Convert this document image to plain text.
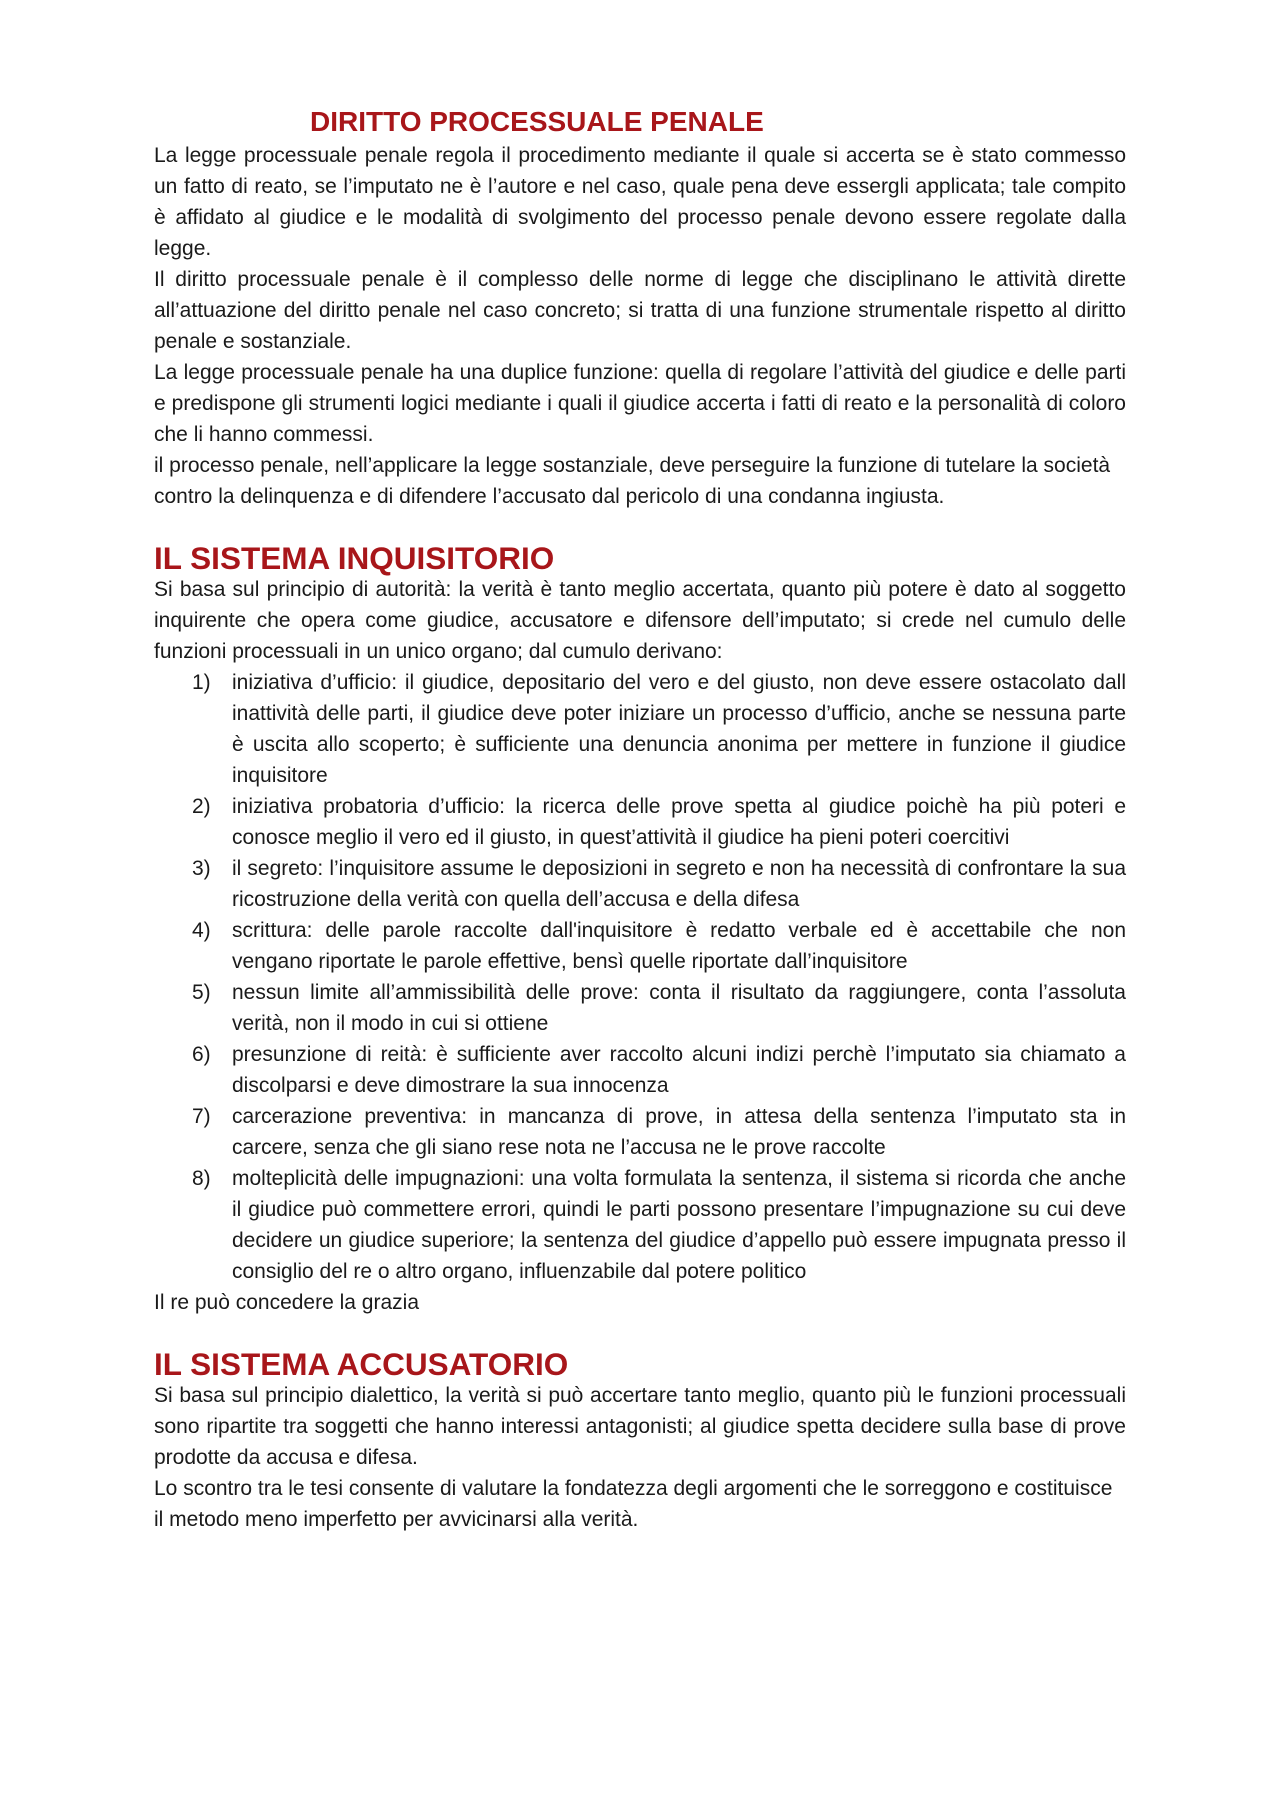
DIRITTO PROCESSUALE PENALE

La legge processuale penale regola il procedimento mediante il quale si accerta se è stato commesso un fatto di reato, se l’imputato ne è l’autore e nel caso, quale pena deve essergli applicata; tale compito è affidato al giudice e le modalità di svolgimento del processo penale devono essere regolate dalla legge.

Il diritto processuale penale è il complesso delle norme di legge che disciplinano le attività dirette all’attuazione del diritto penale nel caso concreto; si tratta di una funzione strumentale rispetto al diritto penale e sostanziale.

La legge processuale penale ha una duplice funzione: quella di regolare l’attività del giudice e delle parti e predispone gli strumenti logici mediante i quali il giudice accerta i fatti di reato e la personalità di coloro che li hanno commessi.

il processo penale, nell’applicare la legge sostanziale, deve perseguire la funzione di tutelare la società contro la delinquenza e di difendere l’accusato dal pericolo di una condanna ingiusta.

IL SISTEMA INQUISITORIO

Si basa sul principio di autorità: la verità è tanto meglio accertata, quanto più potere è dato al soggetto inquirente che opera come giudice, accusatore e difensore dell’imputato; si crede nel cumulo delle funzioni processuali in un unico organo; dal cumulo derivano:

1) iniziativa d’ufficio: il giudice, depositario del vero e del giusto, non deve essere ostacolato dall inattività delle parti, il giudice deve poter iniziare un processo d’ufficio, anche se nessuna parte è uscita allo scoperto; è sufficiente una denuncia anonima per mettere in funzione il giudice inquisitore
2) iniziativa probatoria d’ufficio: la ricerca delle prove spetta al giudice poichè ha più poteri e conosce meglio il vero ed il giusto, in quest’attività il giudice ha pieni poteri coercitivi
3) il segreto: l’inquisitore assume le deposizioni in segreto e non ha necessità di confrontare la sua ricostruzione della verità con quella dell’accusa e della difesa
4) scrittura: delle parole raccolte dall'inquisitore è redatto verbale ed è accettabile che non vengano riportate le parole effettive, bensì quelle riportate dall’inquisitore
5) nessun limite all’ammissibilità delle prove: conta il risultato da raggiungere, conta l’assoluta verità, non il modo in cui si ottiene
6) presunzione di reità: è sufficiente aver raccolto alcuni indizi perchè l’imputato sia chiamato a discolparsi e deve dimostrare la sua innocenza
7) carcerazione preventiva: in mancanza di prove, in attesa della sentenza l’imputato sta in carcere, senza che gli siano rese nota ne l’accusa ne le prove raccolte
8) molteplicità delle impugnazioni: una volta formulata la sentenza, il sistema si ricorda che anche il giudice può commettere errori, quindi le parti possono presentare l’impugnazione su cui deve decidere un giudice superiore; la sentenza del giudice d’appello può essere impugnata presso il consiglio del re o altro organo, influenzabile dal potere politico

Il re può concedere la grazia

IL SISTEMA ACCUSATORIO

Si basa sul principio dialettico, la verità si può accertare tanto meglio, quanto più le funzioni processuali sono ripartite tra soggetti che hanno interessi antagonisti; al giudice spetta decidere sulla base di prove prodotte da accusa e difesa.

Lo scontro tra le tesi consente di valutare la fondatezza degli argomenti che le sorreggono e costituisce il metodo meno imperfetto per avvicinarsi alla verità.
